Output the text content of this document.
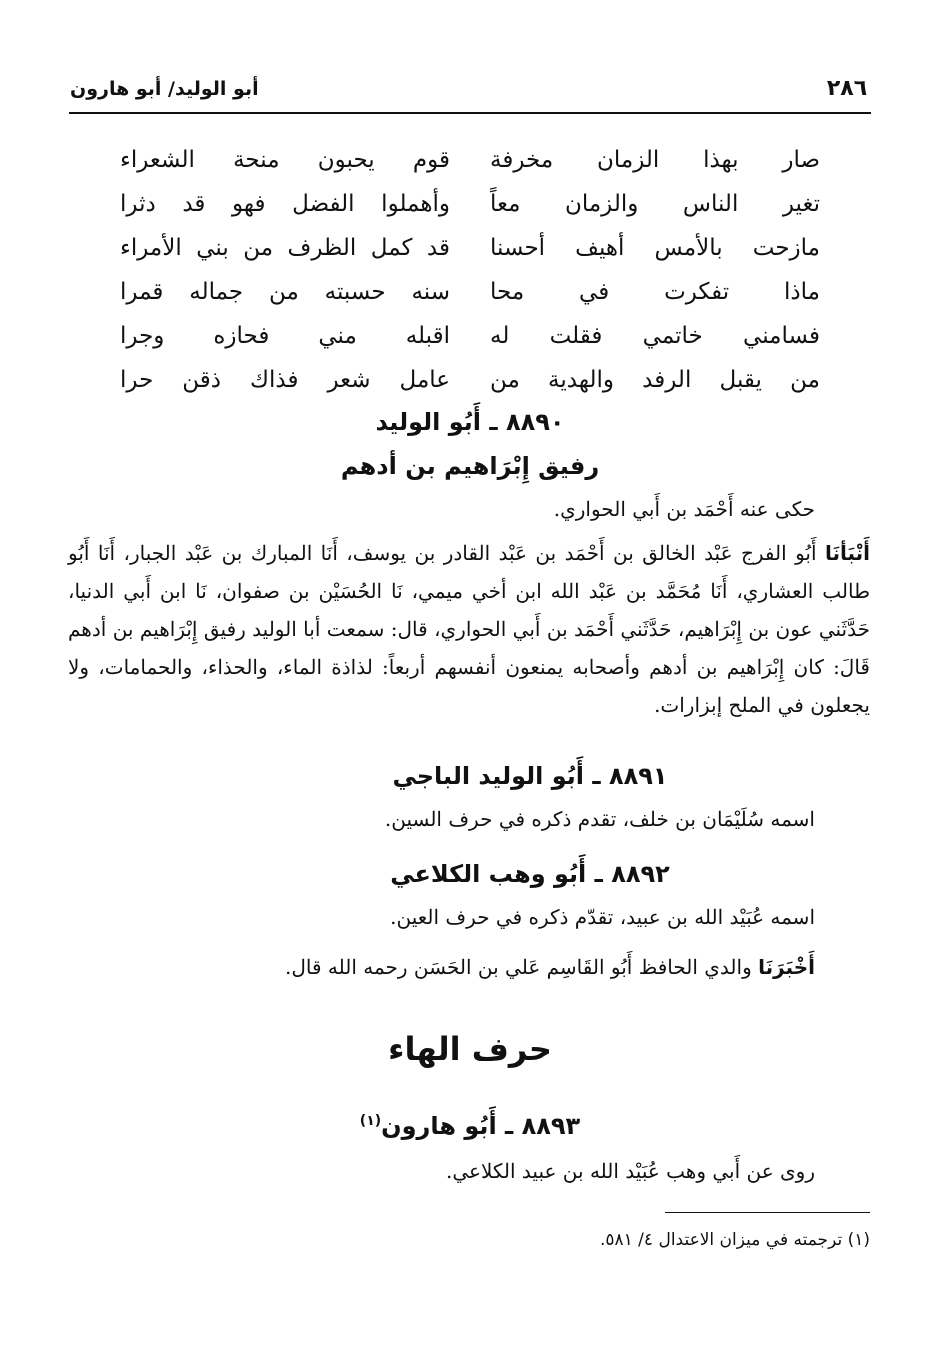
٢٨٦
أبو الوليد/ أبو هارون
صار بهذا الزمان مخرفة
قوم يحبون منحة الشعراء
تغير الناس والزمان معاً
وأهملوا الفضل فهو قد دثرا
مازحت بالأمس أهيف أحسنا
قد كمل الظرف من بني الأمراء
ماذا تفكرت في محا
سنه حسبته من جماله قمرا
فسامني خاتمي فقلت له
اقبله مني فحازه وجرا
من يقبل الرفد والهدية من
عامل شعر فذاك ذقن حرا
٨٨٩٠ ـ أَبُو الوليد
رفيق إِبْرَاهيم بن أدهم
حكى عنه أَحْمَد بن أَبي الحواري.
أَنْبَأنَا أَبُو الفرج عَبْد الخالق بن أَحْمَد بن عَبْد القادر بن يوسف، أَنَا المبارك بن عَبْد الجبار، أَنَا أَبُو طالب العشاري، أَنَا مُحَمَّد بن عَبْد الله ابن أخي ميمي، نَا الحُسَيْن بن صفوان، نَا ابن أَبي الدنيا، حَدَّثَني عون بن إِبْرَاهيم، حَدَّثَني أَحْمَد بن أَبي الحواري، قال: سمعت أبا الوليد رفيق إِبْرَاهيم بن أدهم قَالَ: كان إِبْرَاهيم بن أدهم وأصحابه يمنعون أنفسهم أربعاً: لذاذة الماء، والحذاء، والحمامات، ولا يجعلون في الملح إبزارات.
٨٨٩١ ـ أَبُو الوليد الباجي
اسمه سُلَيْمَان بن خلف، تقدم ذكره في حرف السين.
٨٨٩٢ ـ أَبُو وهب الكلاعي
اسمه عُبَيْد الله بن عبيد، تقدّم ذكره في حرف العين.
أَخْبَرَنَا والدي الحافظ أَبُو القَاسِم عَلي بن الحَسَن رحمه الله قال.
حرف الهاء
٨٨٩٣ ـ أَبُو هارون$^{(١)}$
روى عن أَبي وهب عُبَيْد الله بن عبيد الكلاعي.
(١) ترجمته في ميزان الاعتدال ٤/ ٥٨١.
